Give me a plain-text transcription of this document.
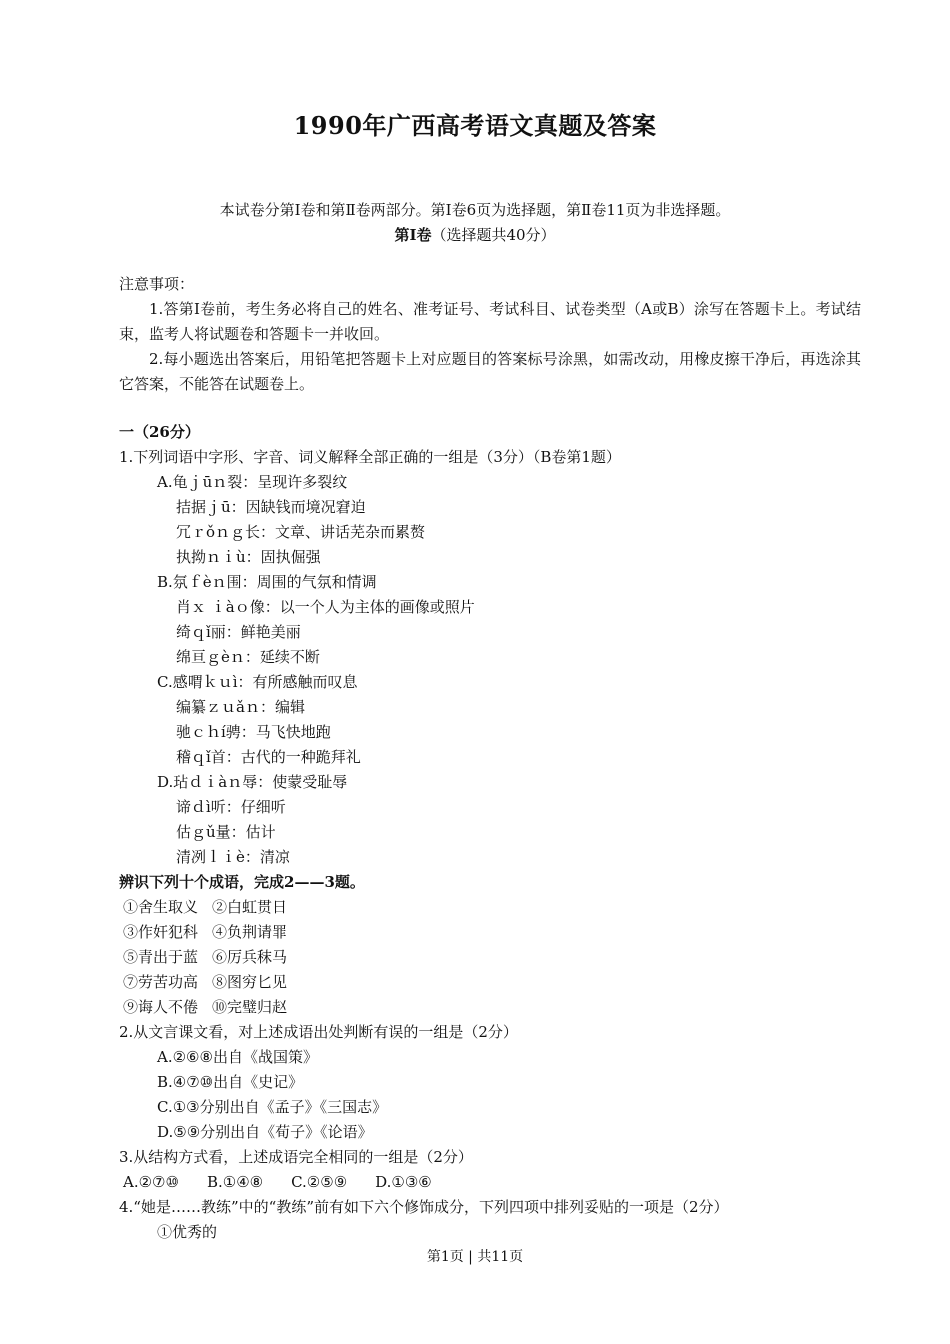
1990年广西高考语文真题及答案
本试卷分第Ⅰ卷和第Ⅱ卷两部分。第Ⅰ卷6页为选择题，第Ⅱ卷11页为非选择题。
第Ⅰ卷（选择题共40分）

注意事项：

1.答第Ⅰ卷前，考生务必将自己的姓名、准考证号、考试科目、试卷类型（A或B）涂写在答题卡上。考试结束，监考人将试题卷和答题卡一并收回。

2.每小题选出答案后，用铅笔把答题卡上对应题目的答案标号涂黑，如需改动，用橡皮擦干净后，再选涂其它答案，不能答在试题卷上。

一（26分）
1.下列词语中字形、字音、词义解释全部正确的一组是（3分）（B卷第1题）
A.龟ｊūｎ裂：呈现许多裂纹
拮据ｊū：因缺钱而境况窘迫
冗ｒǒｎｇ长：文章、讲话芜杂而累赘
执拗ｎｉù：固执倔强
B.氛ｆèｎ围：周围的气氛和情调
肖ｘ ｉàｏ像：以一个人为主体的画像或照片
绮ｑǐ丽：鲜艳美丽
绵亘ｇèｎ：延续不断
C.感喟ｋｕì：有所感触而叹息
编纂ｚｕǎｎ：编辑
驰ｃｈí骋：马飞快地跑
稽ｑǐ首：古代的一种跪拜礼
D.玷ｄｉàｎ辱：使蒙受耻辱
谛ｄì听：仔细听
估ｇǔ量：估计
清冽ｌｉè：清凉
辨识下列十个成语，完成2——3题。
①舍生取义 ②白虹贯日
③作奸犯科 ④负荆请罪
⑤青出于蓝 ⑥厉兵秣马
⑦劳苦功高 ⑧图穷匕见
⑨诲人不倦 ⑩完璧归赵
2.从文言课文看，对上述成语出处判断有误的一组是（2分）
A.②⑥⑧出自《战国策》
B.④⑦⑩出自《史记》
C.①③分别出自《孟子》《三国志》
D.⑤⑨分别出自《荀子》《论语》
3.从结构方式看，上述成语完全相同的一组是（2分）
A.②⑦⑩ B.①④⑧ C.②⑤⑨ D.①③⑥
4.“她是……教练”中的“教练”前有如下六个修饰成分，下列四项中排列妥贴的一项是（2分）
①优秀的
第1页 | 共11页
